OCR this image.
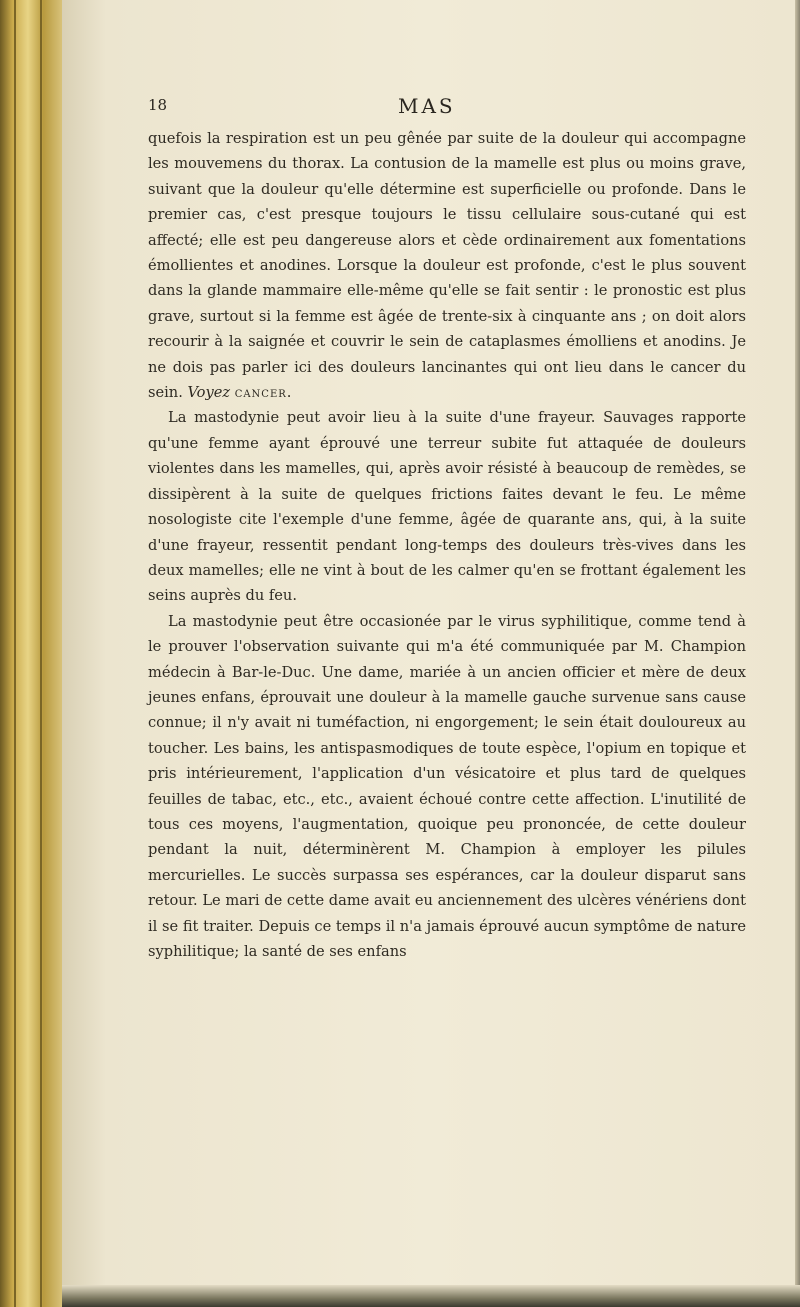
18	MAS

quefois la respiration est un peu gênée par suite de la douleur qui accompagne les mouvemens du thorax. La contusion de la mamelle est plus ou moins grave, suivant que la douleur qu'elle détermine est superficielle ou profonde. Dans le premier cas, c'est presque toujours le tissu cellulaire sous-cutané qui est affecté; elle est peu dangereuse alors et cède ordinairement aux fomentations émollientes et anodines. Lorsque la douleur est profonde, c'est le plus souvent dans la glande mammaire elle-même qu'elle se fait sentir : le pronostic est plus grave, surtout si la femme est âgée de trente-six à cinquante ans ; on doit alors recourir à la saignée et couvrir le sein de cataplasmes émolliens et anodins. Je ne dois pas parler ici des douleurs lancinantes qui ont lieu dans le cancer du sein. Voyez cancer.

La mastodynie peut avoir lieu à la suite d'une frayeur. Sauvages rapporte qu'une femme ayant éprouvé une terreur subite fut attaquée de douleurs violentes dans les mamelles, qui, après avoir résisté à beaucoup de remèdes, se dissipèrent à la suite de quelques frictions faites devant le feu. Le même nosologiste cite l'exemple d'une femme, âgée de quarante ans, qui, à la suite d'une frayeur, ressentit pendant long-temps des douleurs très-vives dans les deux mamelles; elle ne vint à bout de les calmer qu'en se frottant également les seins auprès du feu.

La mastodynie peut être occasionée par le virus syphilitique, comme tend à le prouver l'observation suivante qui m'a été communiquée par M. Champion médecin à Bar-le-Duc. Une dame, mariée à un ancien officier et mère de deux jeunes enfans, éprouvait une douleur à la mamelle gauche survenue sans cause connue; il n'y avait ni tuméfaction, ni engorgement; le sein était douloureux au toucher. Les bains, les antispasmodiques de toute espèce, l'opium en topique et pris intérieurement, l'application d'un vésicatoire et plus tard de quelques feuilles de tabac, etc., etc., avaient échoué contre cette affection. L'inutilité de tous ces moyens, l'augmentation, quoique peu prononcée, de cette douleur pendant la nuit, déterminèrent M. Champion à employer les pilules mercurielles. Le succès surpassa ses espérances, car la douleur disparut sans retour. Le mari de cette dame avait eu anciennement des ulcères vénériens dont il se fit traiter. Depuis ce temps il n'a jamais éprouvé aucun symptôme de nature syphilitique; la santé de ses enfans
